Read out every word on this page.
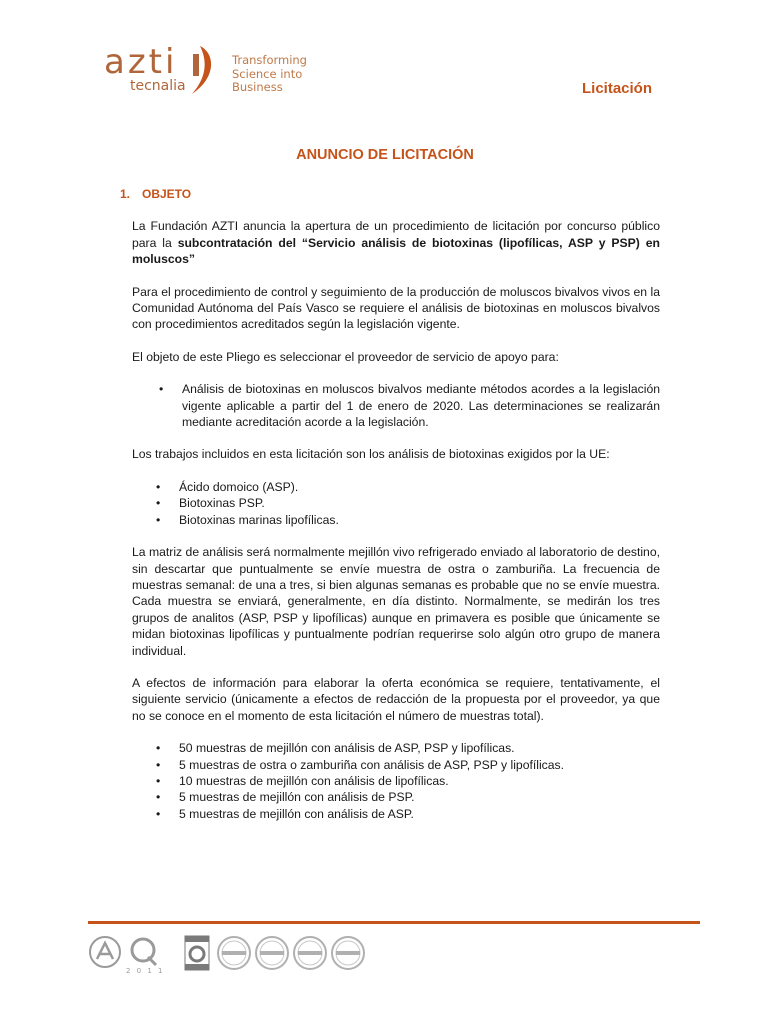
azti
tecnalia
Transforming
Science into
Business	Licitación
ANUNCIO DE LICITACIÓN
1. OBJETO

La Fundación AZTI anuncia la apertura de un procedimiento de licitación por concurso público para la subcontratación del “Servicio análisis de biotoxinas (lipofílicas, ASP y PSP) en moluscos”

Para el procedimiento de control y seguimiento de la producción de moluscos bivalvos vivos en la Comunidad Autónoma del País Vasco se requiere el análisis de biotoxinas en moluscos bivalvos con procedimientos acreditados según la legislación vigente.

El objeto de este Pliego es seleccionar el proveedor de servicio de apoyo para:

• Análisis de biotoxinas en moluscos bivalvos mediante métodos acordes a la legislación vigente aplicable a partir del 1 de enero de 2020. Las determinaciones se realizarán mediante acreditación acorde a la legislación.

Los trabajos incluidos en esta licitación son los análisis de biotoxinas exigidos por la UE:

• Ácido domoico (ASP).
• Biotoxinas PSP.
• Biotoxinas marinas lipofílicas.

La matriz de análisis será normalmente mejillón vivo refrigerado enviado al laboratorio de destino, sin descartar que puntualmente se envíe muestra de ostra o zamburiña. La frecuencia de muestras semanal: de una a tres, si bien algunas semanas es probable que no se envíe muestra. Cada muestra se enviará, generalmente, en día distinto. Normalmente, se medirán los tres grupos de analitos (ASP, PSP y lipofílicas) aunque en primavera es posible que únicamente se midan biotoxinas lipofílicas y puntualmente podrían requerirse solo algún otro grupo de manera individual.

A efectos de información para elaborar la oferta económica se requiere, tentativamente, el siguiente servicio (únicamente a efectos de redacción de la propuesta por el proveedor, ya que no se conoce en el momento de esta licitación el número de muestras total).

• 50 muestras de mejillón con análisis de ASP, PSP y lipofílicas.
• 5 muestras de ostra o zamburiña con análisis de ASP, PSP y lipofílicas.
• 10 muestras de mejillón con análisis de lipofílicas.
• 5 muestras de mejillón con análisis de PSP.
• 5 muestras de mejillón con análisis de ASP.
2 0 1 1
